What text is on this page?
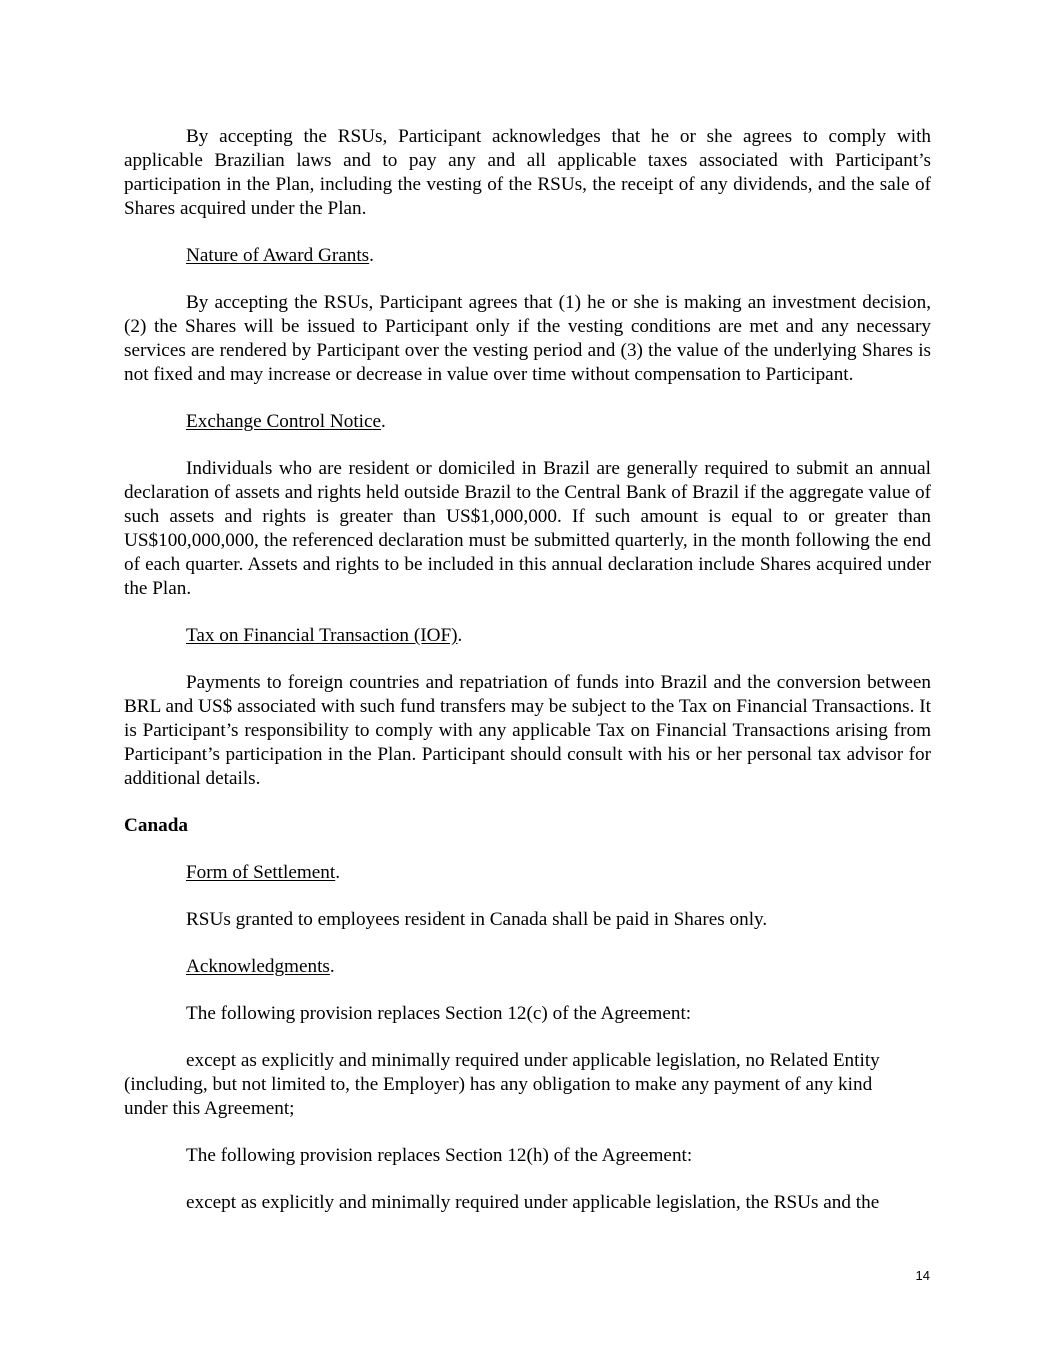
By accepting the RSUs, Participant acknowledges that he or she agrees to comply with applicable Brazilian laws and to pay any and all applicable taxes associated with Participant’s participation in the Plan, including the vesting of the RSUs, the receipt of any dividends, and the sale of Shares acquired under the Plan.

Nature of Award Grants.

By accepting the RSUs, Participant agrees that (1) he or she is making an investment decision, (2) the Shares will be issued to Participant only if the vesting conditions are met and any necessary services are rendered by Participant over the vesting period and (3) the value of the underlying Shares is not fixed and may increase or decrease in value over time without compensation to Participant.

Exchange Control Notice.

Individuals who are resident or domiciled in Brazil are generally required to submit an annual declaration of assets and rights held outside Brazil to the Central Bank of Brazil if the aggregate value of such assets and rights is greater than US$1,000,000. If such amount is equal to or greater than US$100,000,000, the referenced declaration must be submitted quarterly, in the month following the end of each quarter. Assets and rights to be included in this annual declaration include Shares acquired under the Plan.

Tax on Financial Transaction (IOF).

Payments to foreign countries and repatriation of funds into Brazil and the conversion between BRL and US$ associated with such fund transfers may be subject to the Tax on Financial Transactions. It is Participant’s responsibility to comply with any applicable Tax on Financial Transactions arising from Participant’s participation in the Plan. Participant should consult with his or her personal tax advisor for additional details.

Canada

Form of Settlement.

RSUs granted to employees resident in Canada shall be paid in Shares only.

Acknowledgments.

The following provision replaces Section 12(c) of the Agreement:

except as explicitly and minimally required under applicable legislation, no Related Entity (including, but not limited to, the Employer) has any obligation to make any payment of any kind under this Agreement;

The following provision replaces Section 12(h) of the Agreement:

except as explicitly and minimally required under applicable legislation, the RSUs and the

14
